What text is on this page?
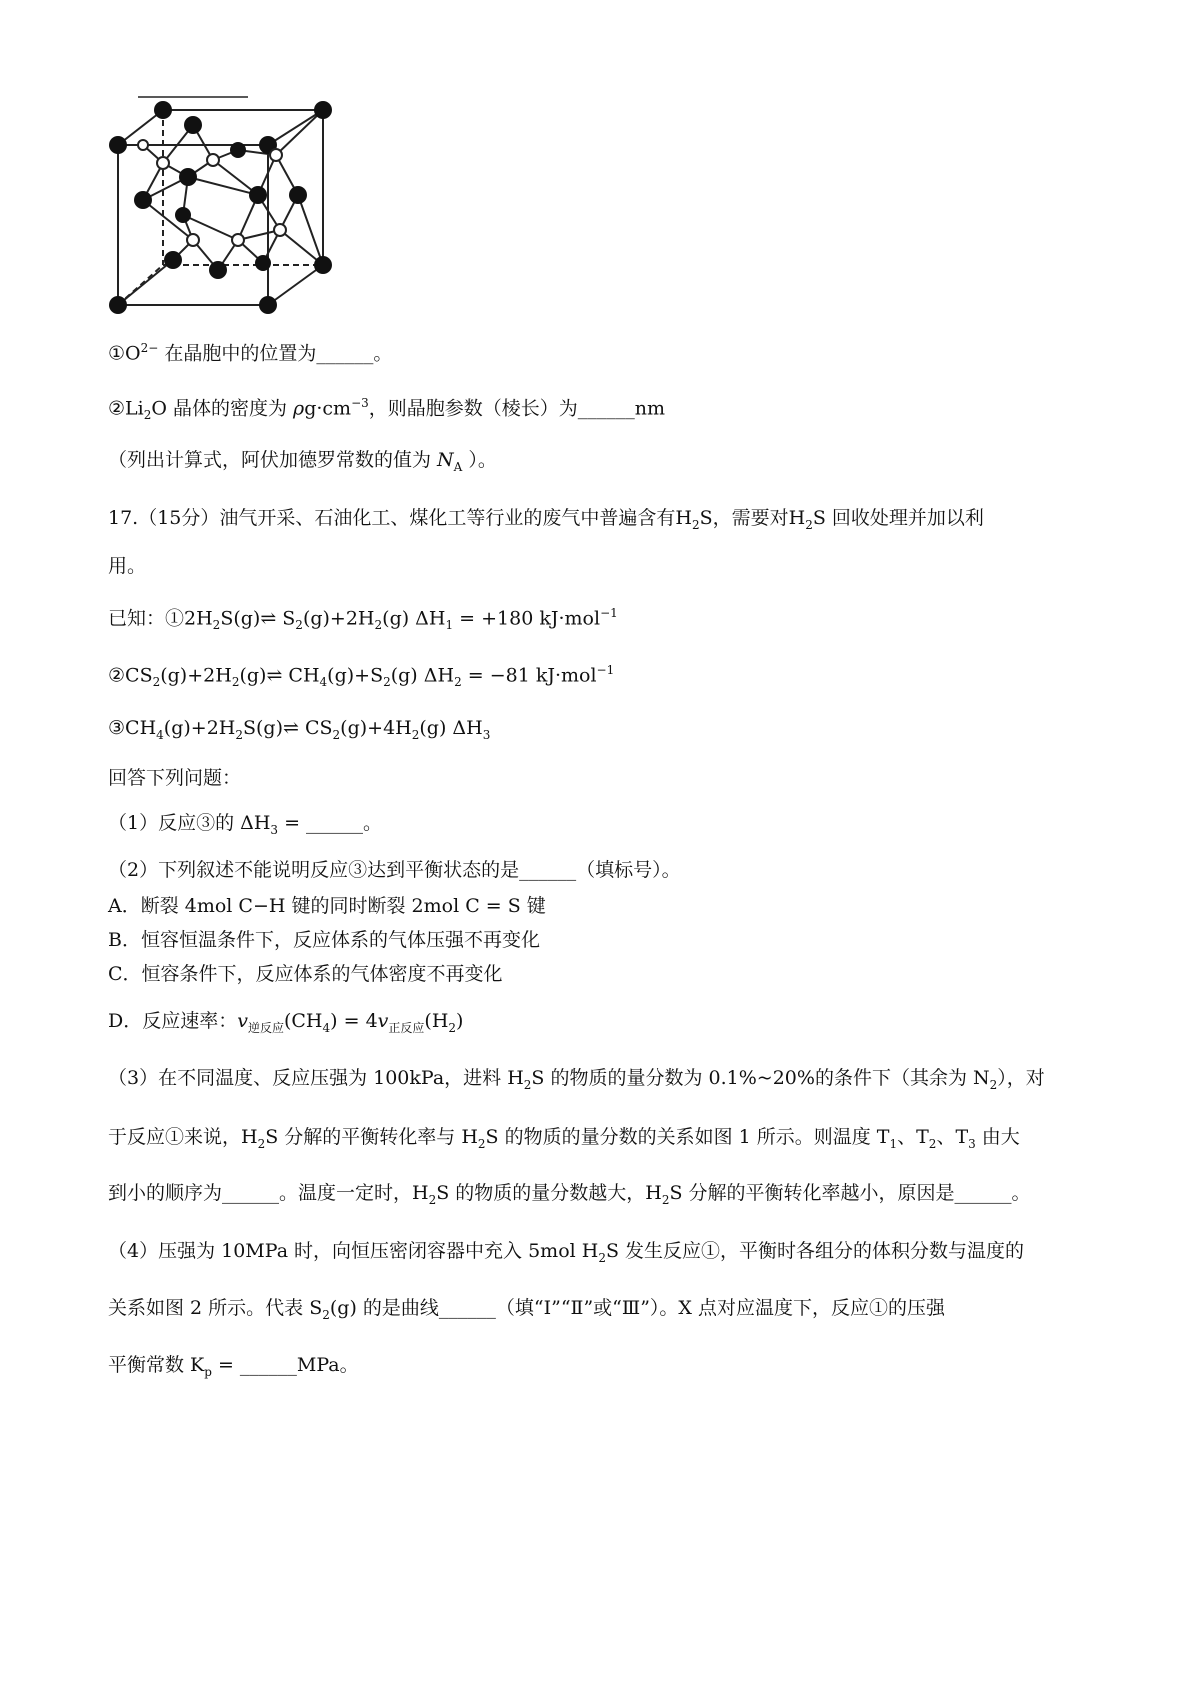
$①O^{2-}$ 在晶胞中的位置为______。
$②Li_2O$ 晶体的密度为 $\rho g\cdot cm^{-3}$，则晶胞参数（棱长）为______nm
（列出计算式，阿伏加德罗常数的值为 $N_A$ ）。
17.（15分）油气开采、石油化工、煤化工等行业的废气中普遍含有$H_2S$，需要对$H_2S$ 回收处理并加以利
用。
已知：$①2H_2S(g)\rightleftharpoons$ $S_2(g)+2H_2(g) \Delta H_1 = +180$ kJ·mol$^{-1}$
$②CS_2(g)+2H_2(g)\rightleftharpoons$ $CH_4(g)+S_2(g) \Delta H_2 = -81$ kJ·mol$^{-1}$
$③CH_4(g)+2H_2S(g)\rightleftharpoons$ $CS_2(g)+4H_2(g)$ $\Delta H_3$
回答下列问题：
（1）反应③的 $\Delta H_3$ = ______。
（2）下列叙述不能说明反应③达到平衡状态的是______（填标号）。
A．断裂 4mol C−H 键的同时断裂 2mol C = S 键
B．恒容恒温条件下，反应体系的气体压强不再变化
C．恒容条件下，反应体系的气体密度不再变化
D．反应速率：$v_{逆反应}(CH_4) = 4v_{正反应}(H_2)$
（3）在不同温度、反应压强为 100kPa，进料 $H_2S$ 的物质的量分数为 0.1%~20%的条件下（其余为 $N_2$），对
于反应①来说，$H_2S$ 分解的平衡转化率与 $H_2S$ 的物质的量分数的关系如图 1 所示。则温度 $T_1$、$T_2$、$T_3$ 由大
到小的顺序为______。温度一定时，$H_2S$ 的物质的量分数越大，$H_2S$ 分解的平衡转化率越小，原因是______。
（4）压强为 10MPa 时，向恒压密闭容器中充入 5mol $H_2S$ 发生反应①，平衡时各组分的体积分数与温度的
关系如图 2 所示。代表 $S_2(g)$ 的是曲线______（填“Ⅰ”“Ⅱ”或“Ⅲ”）。X 点对应温度下，反应①的压强
平衡常数 $K_p$ = ______MPa。
